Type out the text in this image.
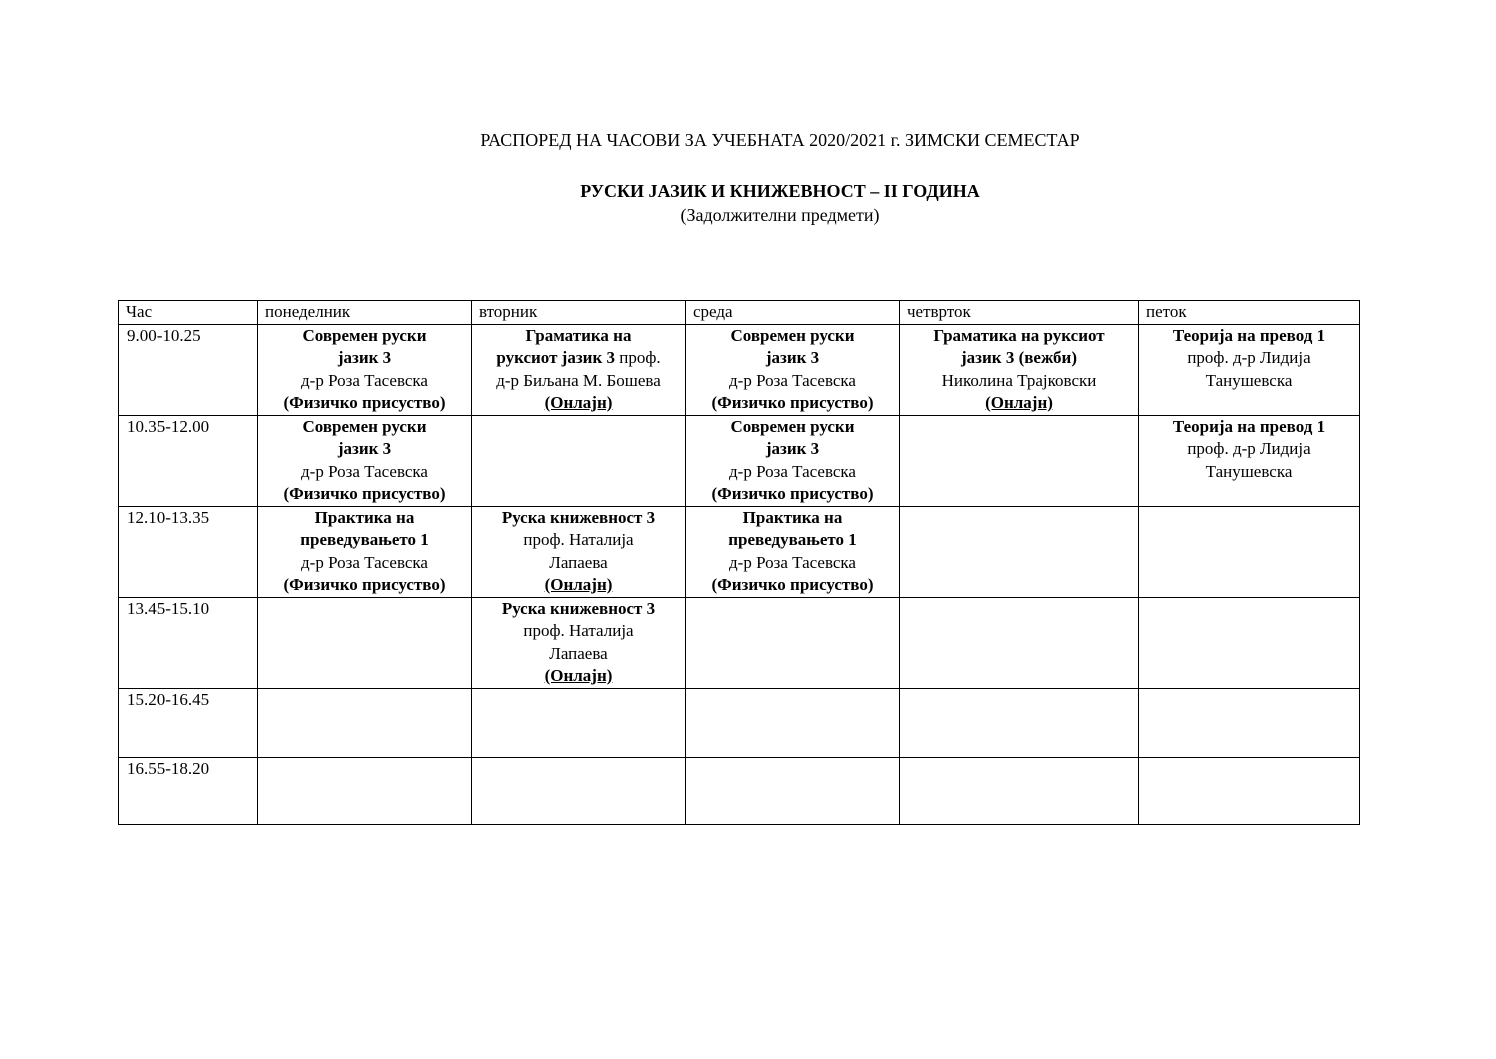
РАСПОРЕД НА ЧАСОВИ ЗА УЧЕБНАТА 2020/2021 г. ЗИМСКИ СЕМЕСТАР
РУСКИ ЈАЗИК И КНИЖЕВНОСТ – II ГОДИНА
(Задолжителни предмети)
Час	понеделник	вторник	среда	четврток	петок
9.00-10.25	Современ руски
јазик 3
д-р Роза Тасевска
(Физичко присуство)	Граматика на
руксиот јазик 3 проф.
д-р Биљана М. Бошева
(Онлајн)	Современ руски
јазик 3
д-р Роза Тасевска
(Физичко присуство)	Граматика на руксиот
јазик 3 (вежби)
Николина Трајковски
(Онлајн)	Теорија на превод 1
проф. д-р Лидија
Танушевска

10.35-12.00	Современ руски
јазик 3
д-р Роза Тасевска
(Физичко присуство)		Современ руски
јазик 3
д-р Роза Тасевска
(Физичко присуство)		Теорија на превод 1
проф. д-р Лидија
Танушевска

12.10-13.35	Практика на
преведувањето 1
д-р Роза Тасевска
(Физичко присуство)	Руска книжевност 3
проф. Наталија
Лапаева
(Онлајн)	Практика на
преведувањето 1
д-р Роза Тасевска
(Физичко присуство)		

13.45-15.10		Руска книжевност 3
проф. Наталија
Лапаева
(Онлајн)			

15.20-16.45					
16.55-18.20					
